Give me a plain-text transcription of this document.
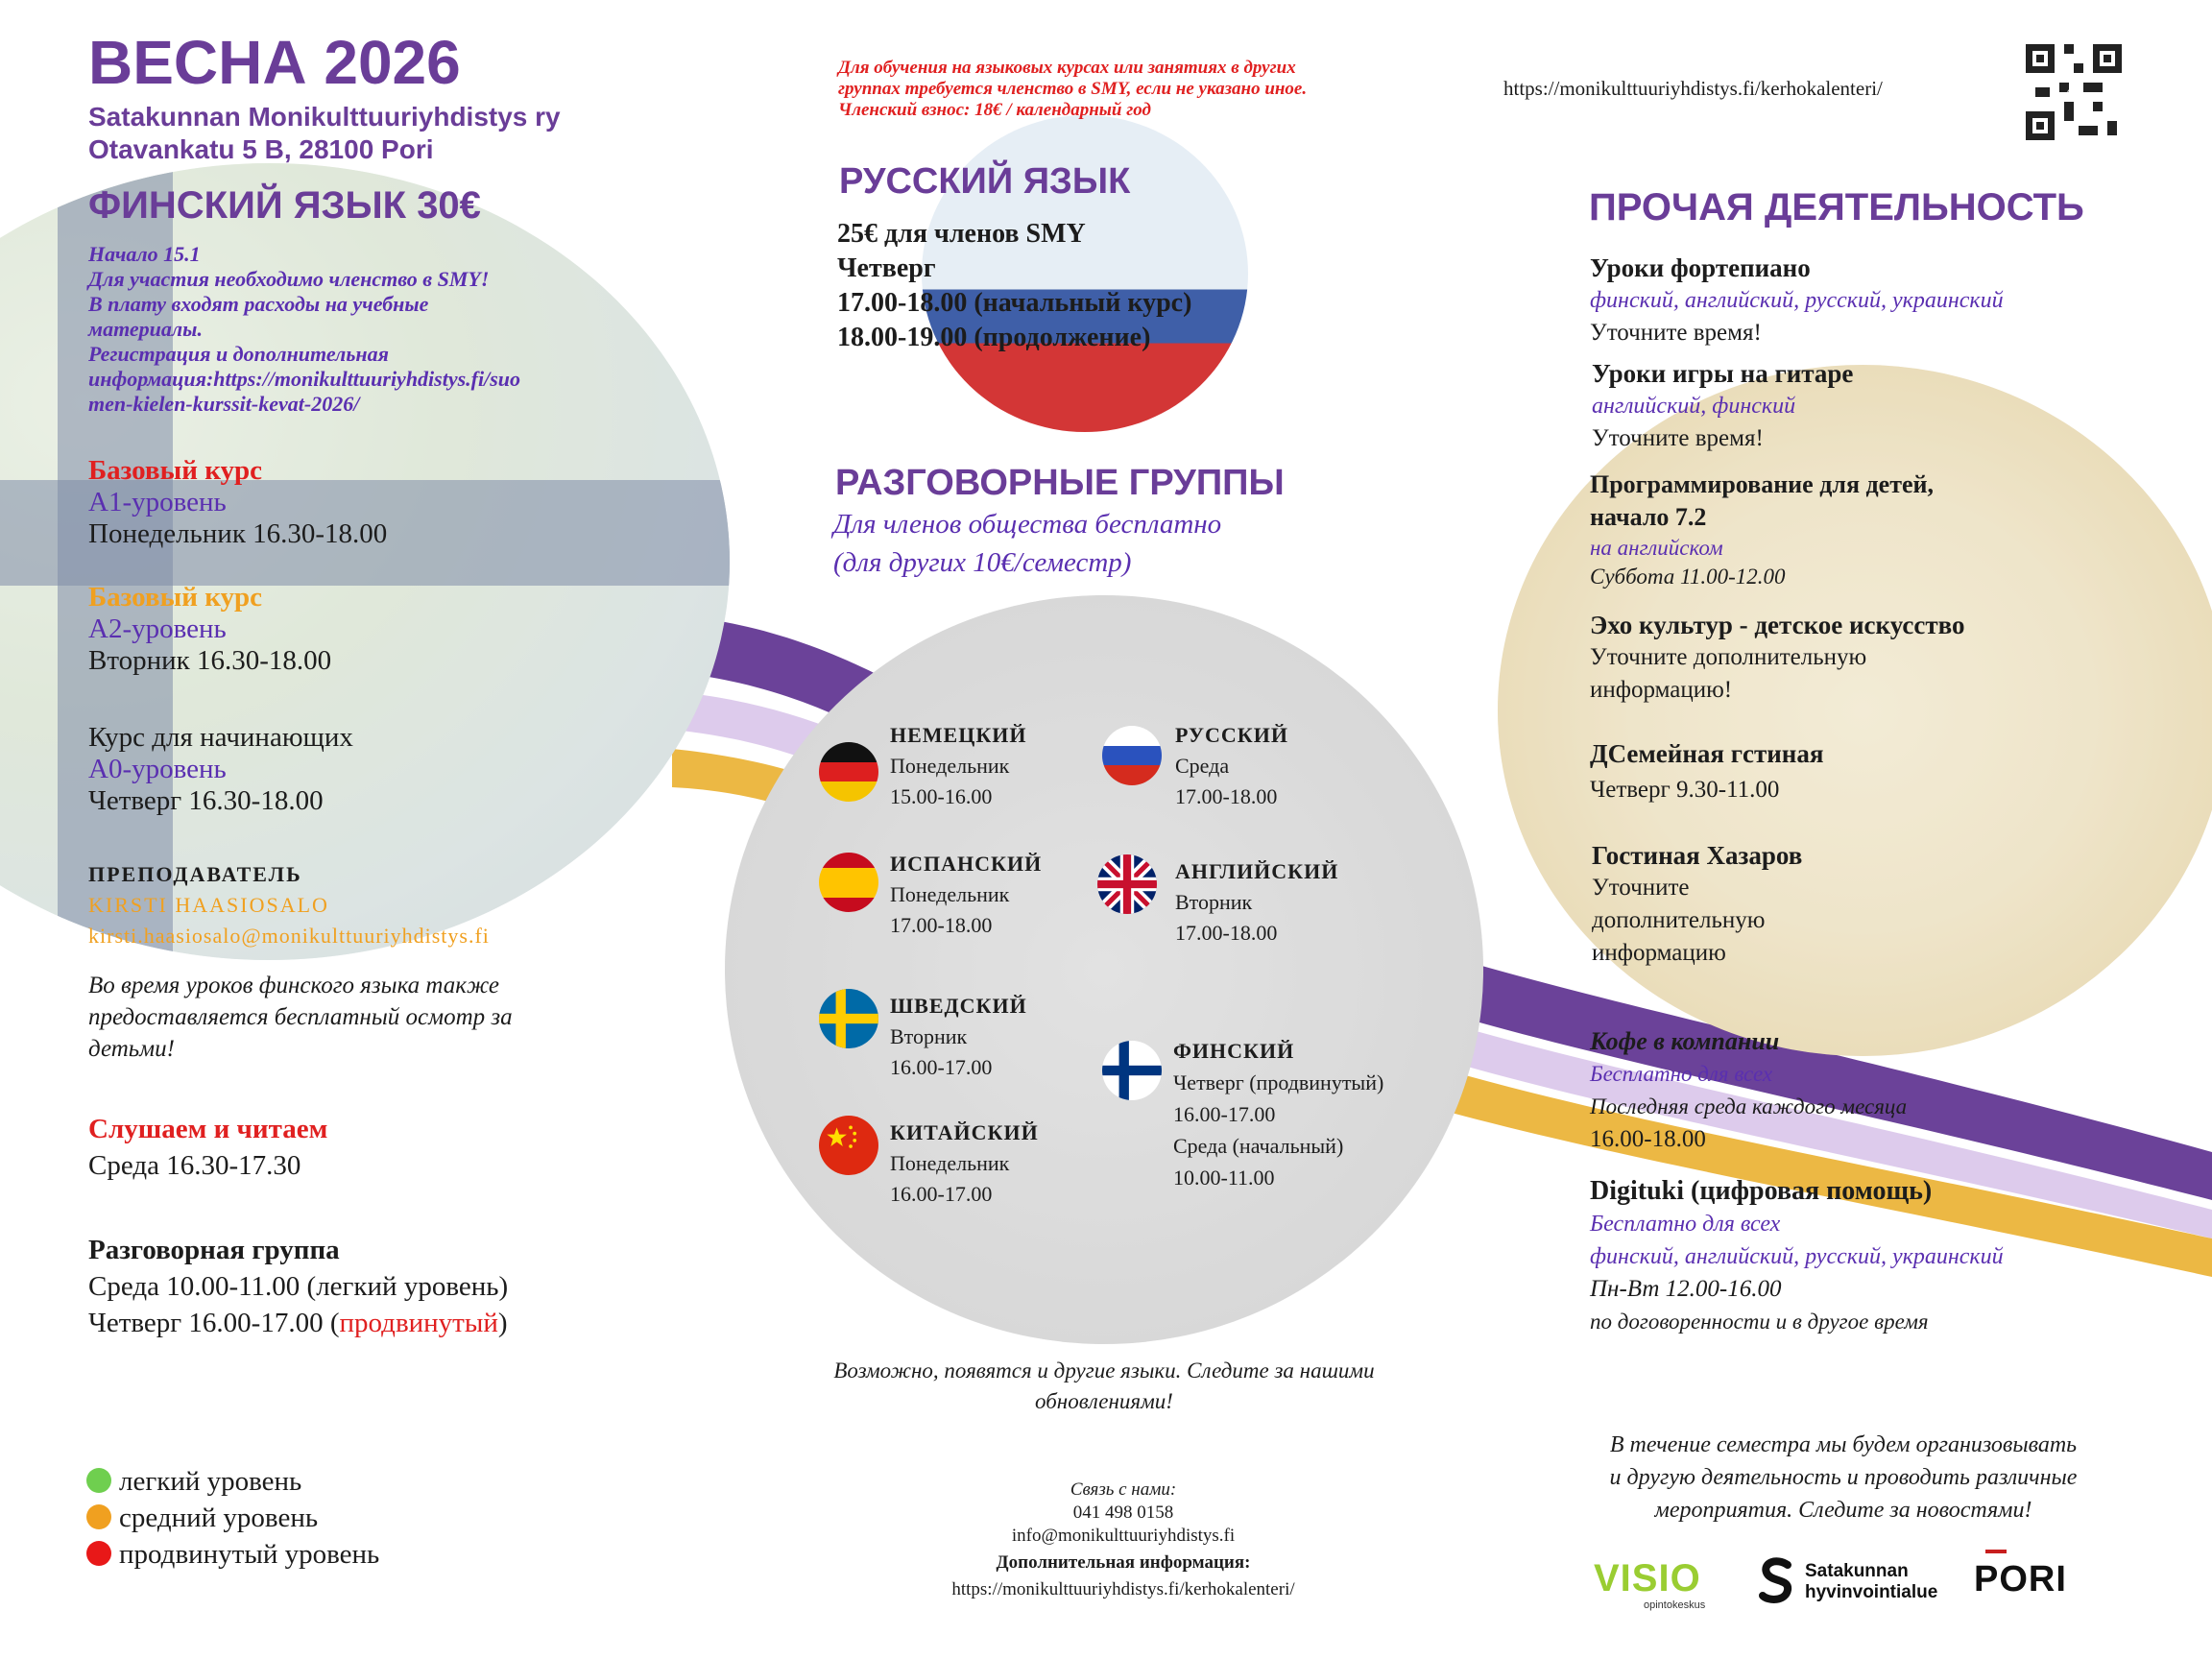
ВЕСНА 2026
Satakunnan Monikulttuuriyhdistys ry
Otavankatu 5 B, 28100 Pori
Для обучения на языковых курсах или занятиях в других
группах требуется членство в SMY, если не указано иное.
Членский взнос: 18€ / календарный год
https://monikulttuuriyhdistys.fi/kerhokalenteri/
ФИНСКИЙ ЯЗЫК 30€
Начало 15.1
Для участия необходимо членство в SMY!
В плату входят расходы на учебные
материалы.
Регистрация и дополнительная
информация:https://monikulttuuriyhdistys.fi/suo
men-kielen-kurssit-kevat-2026/
Базовый курс
А1-уровень
Понедельник 16.30-18.00
Базовый курс
А2-уровень
Вторник 16.30-18.00
Курс для начинающих
А0-уровень
Четверг 16.30-18.00
ПРЕПОДАВАТЕЛЬ
KIRSTI HAASIOSALO
kirsti.haasiosalo@monikulttuuriyhdistys.fi
Во время уроков финского языка также
предоставляется бесплатный осмотр за
детьми!
Слушаем и читаем
Среда 16.30-17.30
Разговорная группа
Среда 10.00-11.00 (легкий уровень)
Четверг 16.00-17.00 (продвинутый)
легкий уровень
средний уровень
продвинутый уровень
РУССКИЙ ЯЗЫК
25€ для членов SMY
Четверг
17.00-18.00 (начальный курс)
18.00-19.00 (продолжение)
РАЗГОВОРНЫЕ ГРУППЫ
Для членов общества бесплатно
(для других 10€/семестр)
НЕМЕЦКИЙ
Понедельник
15.00-16.00
РУССКИЙ
Среда
17.00-18.00
ИСПАНСКИЙ
Понедельник
17.00-18.00
АНГЛИЙСКИЙ
Вторник
17.00-18.00
ШВЕДСКИЙ
Вторник
16.00-17.00
ФИНСКИЙ
Четверг (продвинутый)
16.00-17.00
Среда (начальный)
10.00-11.00
КИТАЙСКИЙ
Понедельник
16.00-17.00
Возможно, появятся и другие языки. Следите за нашими
обновлениями!
Связь с нами:
041 498 0158
info@monikulttuuriyhdistys.fi
Дополнительная информация:
https://monikulttuuriyhdistys.fi/kerhokalenteri/
ПРОЧАЯ ДЕЯТЕЛЬНОСТЬ
Уроки фортепиано
финский, английский, русский, украинский
Уточните время!
Уроки игры на гитаре
английский, финский
Уточните время!
Программирование для детей,
начало 7.2
на английском
Суббота 11.00-12.00
Эхо культур - детское искусство
Уточните дополнительную
информацию!
ДСемейная гстиная
Четверг 9.30-11.00
Гостиная Хазаров
Уточните
дополнительную
информацию
Кофе в компании
Бесплатно для всех
Последняя среда каждого месяца
16.00-18.00
Digituki (цифровая помощь)
Бесплатно для всех
финский, английский, русский, украинский
Пн-Вт 12.00-16.00
по договоренности и в другое время
В течение семестра мы будем организовывать
и другую деятельность и проводить различные
мероприятия. Следите за новостями!
VISIO
opintokeskus
Satakunnan
hyvinvointialue PORI
